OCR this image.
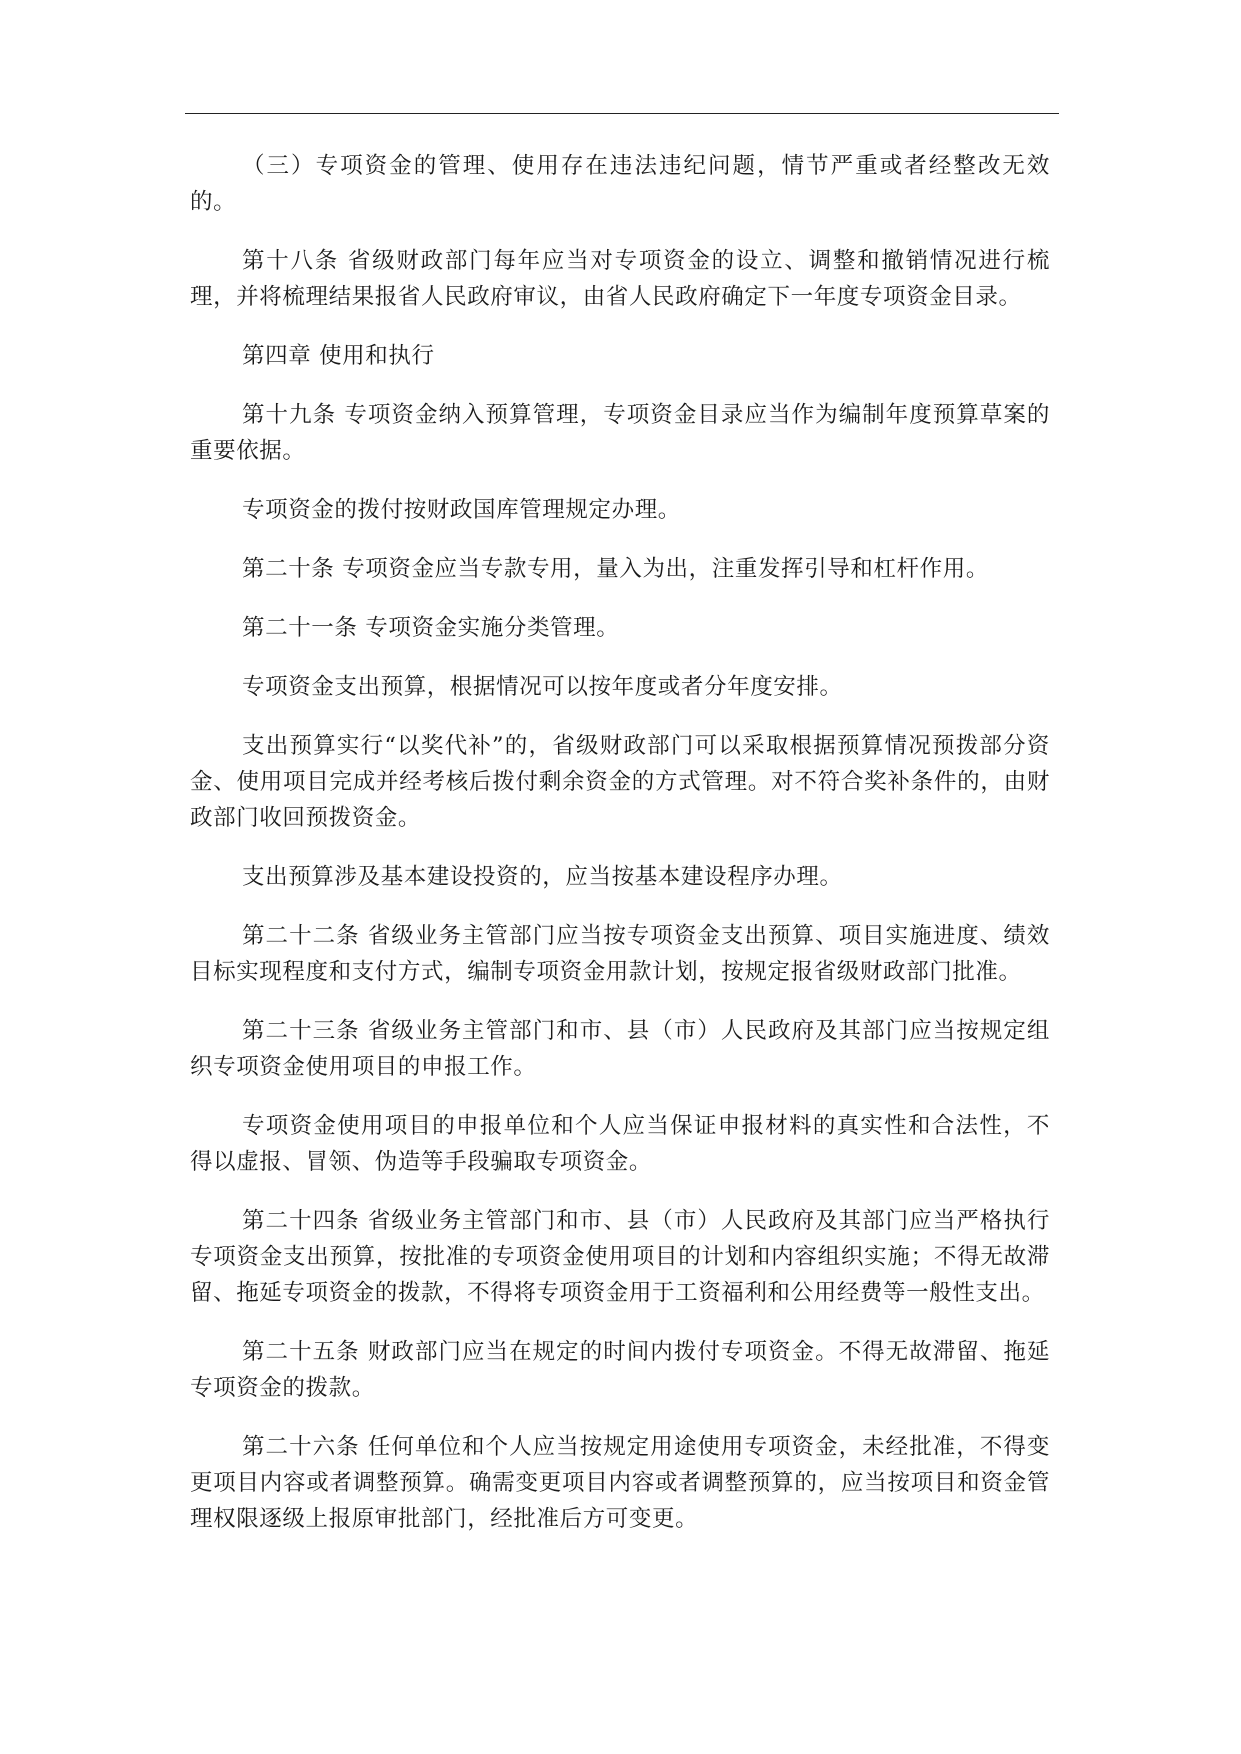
（三）专项资金的管理、使用存在违法违纪问题，情节严重或者经整改无效的。

第十八条 省级财政部门每年应当对专项资金的设立、调整和撤销情况进行梳理，并将梳理结果报省人民政府审议，由省人民政府确定下一年度专项资金目录。

第四章 使用和执行

第十九条 专项资金纳入预算管理，专项资金目录应当作为编制年度预算草案的重要依据。

专项资金的拨付按财政国库管理规定办理。

第二十条 专项资金应当专款专用，量入为出，注重发挥引导和杠杆作用。

第二十一条 专项资金实施分类管理。

专项资金支出预算，根据情况可以按年度或者分年度安排。

支出预算实行“以奖代补”的，省级财政部门可以采取根据预算情况预拨部分资金、使用项目完成并经考核后拨付剩余资金的方式管理。对不符合奖补条件的，由财政部门收回预拨资金。

支出预算涉及基本建设投资的，应当按基本建设程序办理。

第二十二条 省级业务主管部门应当按专项资金支出预算、项目实施进度、绩效目标实现程度和支付方式，编制专项资金用款计划，按规定报省级财政部门批准。

第二十三条 省级业务主管部门和市、县（市）人民政府及其部门应当按规定组织专项资金使用项目的申报工作。

专项资金使用项目的申报单位和个人应当保证申报材料的真实性和合法性，不得以虚报、冒领、伪造等手段骗取专项资金。

第二十四条 省级业务主管部门和市、县（市）人民政府及其部门应当严格执行专项资金支出预算，按批准的专项资金使用项目的计划和内容组织实施；不得无故滞留、拖延专项资金的拨款，不得将专项资金用于工资福利和公用经费等一般性支出。

第二十五条 财政部门应当在规定的时间内拨付专项资金。不得无故滞留、拖延专项资金的拨款。

第二十六条 任何单位和个人应当按规定用途使用专项资金，未经批准，不得变更项目内容或者调整预算。确需变更项目内容或者调整预算的，应当按项目和资金管理权限逐级上报原审批部门，经批准后方可变更。
